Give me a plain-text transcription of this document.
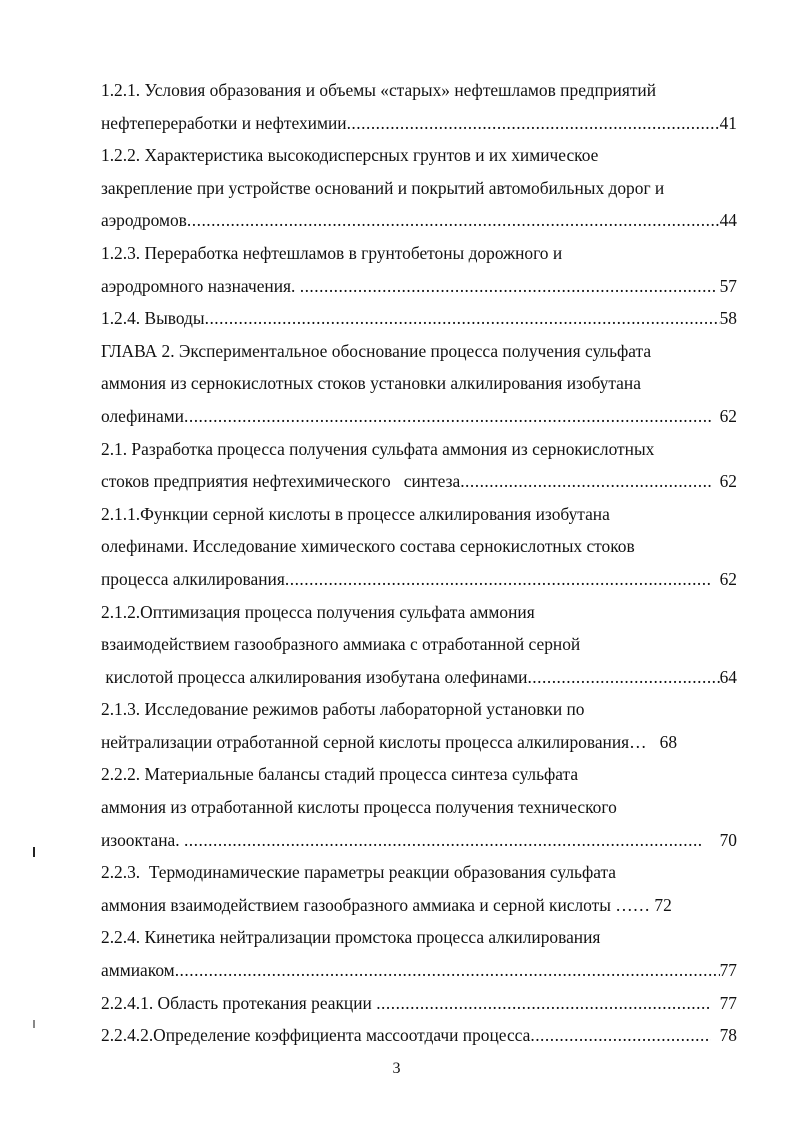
1.2.1. Условия образования и объемы «старых» нефтешламов предприятий
нефтепереработки и нефтехимии .....	41
1.2.2. Характеристика высокодисперсных грунтов и их химическое
закрепление при устройстве оснований и покрытий автомобильных дорог и
аэродромов .....	44
1.2.3. Переработка нефтешламов в грунтобетоны дорожного и
аэродромного назначения. .....	57
1.2.4. Выводы .....	58
ГЛАВА 2. Экспериментальное обоснование процесса получения сульфата
аммония из сернокислотных стоков установки алкилирования изобутана
олефинами .....	62
2.1. Разработка процесса получения сульфата аммония из сернокислотных
стоков предприятия нефтехимического   синтеза .....	62
2.1.1.Функции серной кислоты в процессе алкилирования изобутана
олефинами. Исследование химического состава сернокислотных стоков
процесса алкилирования .....	62
2.1.2.Оптимизация процесса получения сульфата аммония
взаимодействием газообразного аммиака с отработанной серной
кислотой процесса алкилирования изобутана олефинами .....	64
2.1.3. Исследование режимов работы лабораторной установки по
нейтрализации отработанной серной кислоты процесса алкилирования… 68
2.2.2. Материальные балансы стадий процесса синтеза сульфата
аммония из отработанной кислоты процесса получения технического
изооктана. .....	70
2.2.3.  Термодинамические параметры реакции образования сульфата
аммония взаимодействием газообразного аммиака и серной кислоты …… 72
2.2.4. Кинетика нейтрализации промстока процесса алкилирования
аммиаком .....	77
2.2.4.1. Область протекания реакции .....	77
2.2.4.2.Определение коэффициента массоотдачи процесса .....	78
3
